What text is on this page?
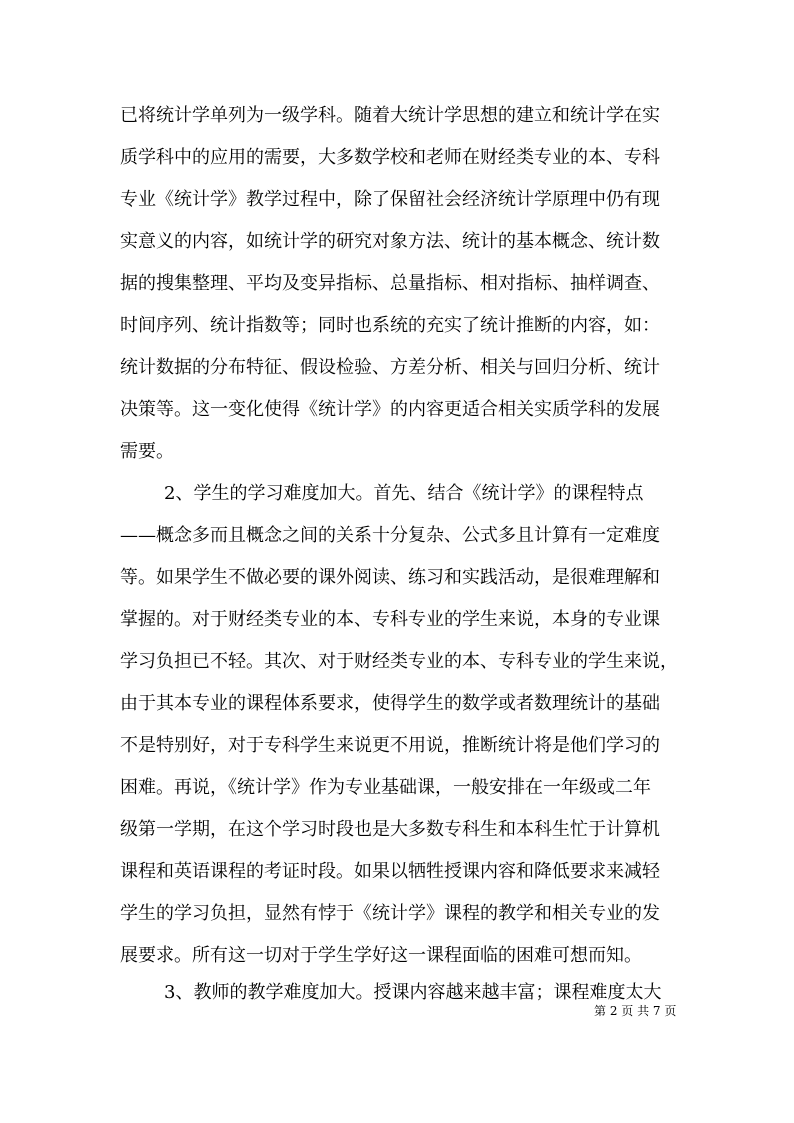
已将统计学单列为一级学科。随着大统计学思想的建立和统计学在实
质学科中的应用的需要，大多数学校和老师在财经类专业的本、专科
专业《统计学》教学过程中，除了保留社会经济统计学原理中仍有现
实意义的内容，如统计学的研究对象方法、统计的基本概念、统计数
据的搜集整理、平均及变异指标、总量指标、相对指标、抽样调查、
时间序列、统计指数等；同时也系统的充实了统计推断的内容，如：
统计数据的分布特征、假设检验、方差分析、相关与回归分析、统计
决策等。这一变化使得《统计学》的内容更适合相关实质学科的发展
需要。
2、学生的学习难度加大。首先、结合《统计学》的课程特点
——概念多而且概念之间的关系十分复杂、公式多且计算有一定难度
等。如果学生不做必要的课外阅读、练习和实践活动，是很难理解和
掌握的。对于财经类专业的本、专科专业的学生来说，本身的专业课
学习负担已不轻。其次、对于财经类专业的本、专科专业的学生来说，
由于其本专业的课程体系要求，使得学生的数学或者数理统计的基础
不是特别好，对于专科学生来说更不用说，推断统计将是他们学习的
困难。再说，《统计学》作为专业基础课，一般安排在一年级或二年
级第一学期，在这个学习时段也是大多数专科生和本科生忙于计算机
课程和英语课程的考证时段。如果以牺牲授课内容和降低要求来减轻
学生的学习负担，显然有悖于《统计学》课程的教学和相关专业的发
展要求。所有这一切对于学生学好这一课程面临的困难可想而知。
3、教师的教学难度加大。授课内容越来越丰富；课程难度太大
第 2 页 共 7 页
